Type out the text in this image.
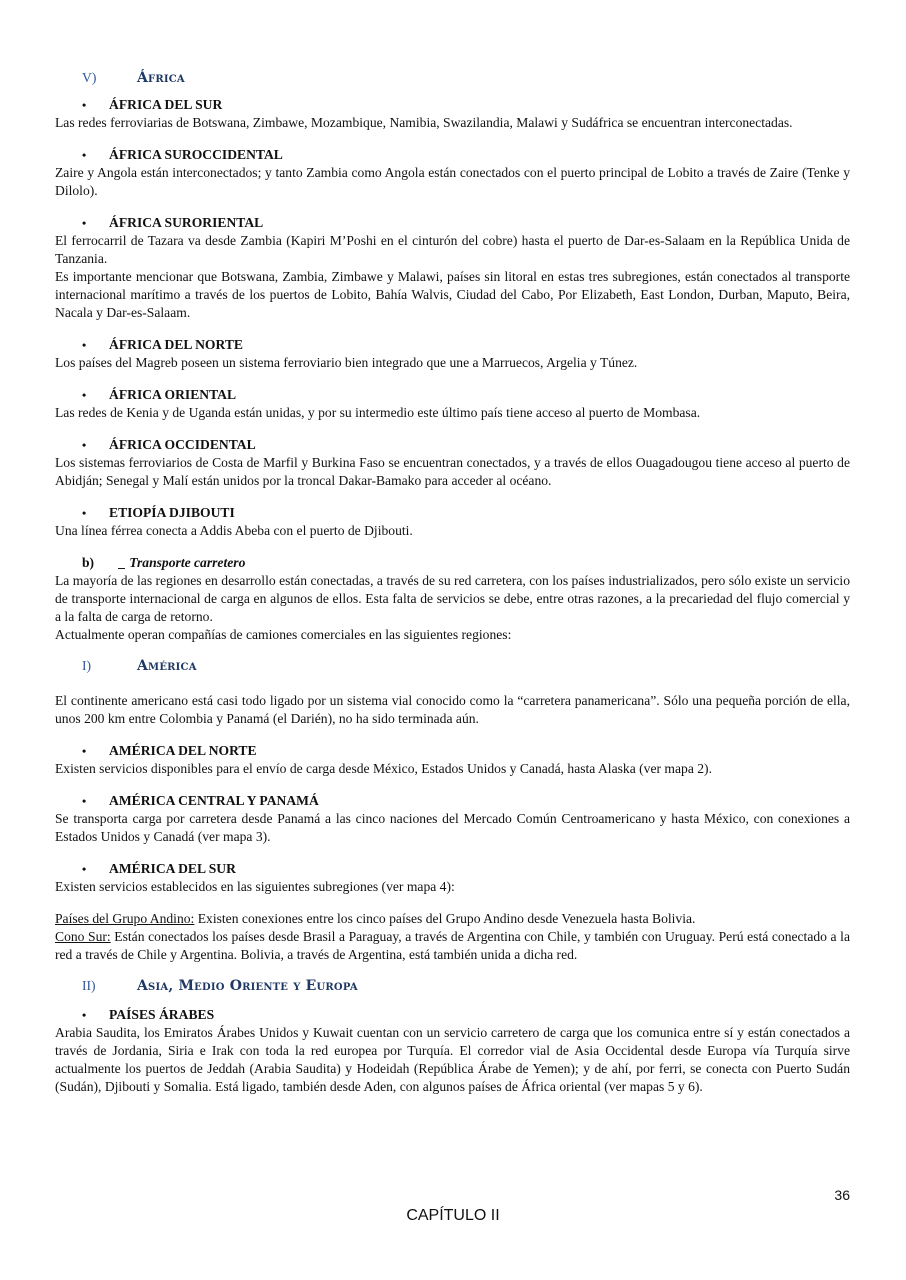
V)	África
•	ÁFRICA DEL SUR

Las redes ferroviarias de Botswana, Zimbawe, Mozambique, Namibia, Swazilandia, Malawi y Sudáfrica se encuentran interconectadas.

•	ÁFRICA SUROCCIDENTAL

Zaire y Angola están interconectados; y tanto Zambia como Angola están conectados con el puerto principal de Lobito a través de Zaire (Tenke y Dilolo).

•	ÁFRICA SURORIENTAL

El ferrocarril de Tazara va desde Zambia (Kapiri M’Poshi en el cinturón del cobre) hasta el puerto de Dar-es-Salaam en la República Unida de Tanzania.

Es importante mencionar que Botswana, Zambia, Zimbawe y Malawi, países sin litoral en estas tres subregiones, están conectados al transporte internacional marítimo a través de los puertos de Lobito, Bahía Walvis, Ciudad del Cabo, Por Elizabeth, East London, Durban, Maputo, Beira, Nacala y Dar-es-Salaam.

•	ÁFRICA DEL NORTE

Los países del Magreb poseen un sistema ferroviario bien integrado que une a Marruecos, Argelia y Túnez.

•	ÁFRICA ORIENTAL

Las redes de Kenia y de Uganda están unidas, y por su intermedio este último país tiene acceso al puerto de Mombasa.

•	ÁFRICA OCCIDENTAL

Los sistemas ferroviarios de Costa de Marfil y Burkina Faso se encuentran conectados, y a través de ellos Ouagadougou tiene acceso al puerto de Abidján; Senegal y Malí están unidos por la troncal Dakar-Bamako para acceder al océano.

•	ETIOPÍA DJIBOUTI

Una línea férrea conecta a Addis Abeba con el puerto de Djibouti.

b)	_ Transporte carretero

La mayoría de las regiones en desarrollo están conectadas, a través de su red carretera, con los países industrializados, pero sólo existe un servicio de transporte internacional de carga en algunos de ellos. Esta falta de servicios se debe, entre otras razones, a la precariedad del flujo comercial y a la falta de carga de retorno.

Actualmente operan compañías de camiones comerciales en las siguientes regiones:

I)	América

El continente americano está casi todo ligado por un sistema vial conocido como la “carretera panamericana”. Sólo una pequeña porción de ella, unos 200 km entre Colombia y Panamá (el Darién), no ha sido terminada aún.

•	AMÉRICA DEL NORTE

Existen servicios disponibles para el envío de carga desde México, Estados Unidos y Canadá, hasta Alaska (ver mapa 2).

•	AMÉRICA CENTRAL Y PANAMÁ

Se transporta carga por carretera desde Panamá a las cinco naciones del Mercado Común Centroamericano y hasta México, con conexiones a Estados Unidos y Canadá (ver mapa 3).

•	AMÉRICA DEL SUR

Existen servicios establecidos en las siguientes subregiones (ver mapa 4):

Países del Grupo Andino: Existen conexiones entre los cinco países del Grupo Andino desde Venezuela hasta Bolivia.

Cono Sur: Están conectados los países desde Brasil a Paraguay, a través de Argentina con Chile, y también con Uruguay. Perú está conectado a la red a través de Chile y Argentina. Bolivia, a través de Argentina, está también unida a dicha red.

II)	Asia, Medio Oriente y Europa
•	PAÍSES ÁRABES

Arabia Saudita, los Emiratos Árabes Unidos y Kuwait cuentan con un servicio carretero de carga que los comunica entre sí y están conectados a través de Jordania, Siria e Irak con toda la red europea por Turquía. El corredor vial de Asia Occidental desde Europa vía Turquía sirve actualmente los puertos de Jeddah (Arabia Saudita) y Hodeidah (República Árabe de Yemen); y de ahí, por ferri, se conecta con Puerto Sudán (Sudán), Djibouti y Somalia. Está ligado, también desde Aden, con algunos países de África oriental (ver mapas 5 y 6).

36
CAPÍTULO II
